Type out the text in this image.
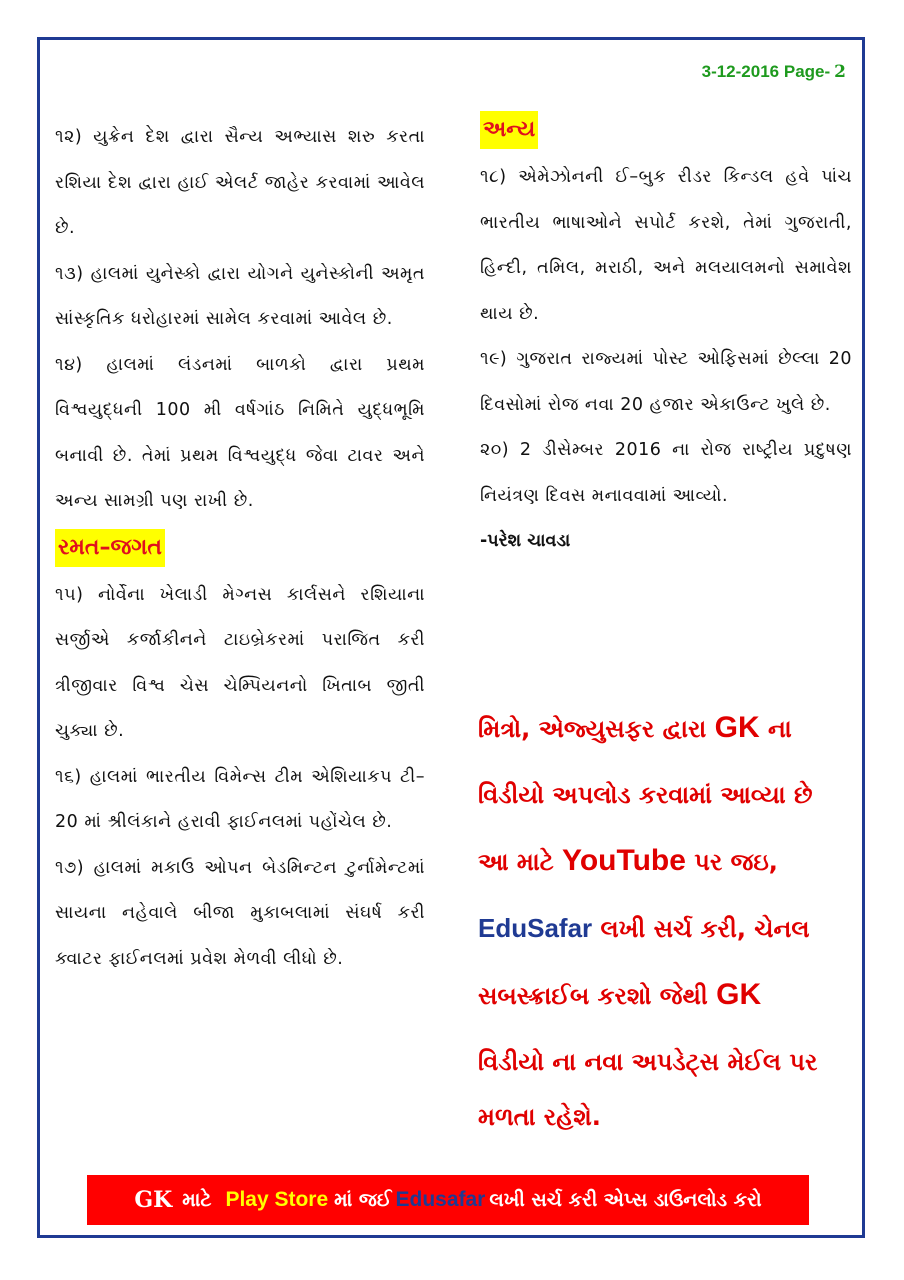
3-12-2016 Page- 2

૧૨) યુક્રેન દેશ દ્વારા સૈન્ય અભ્યાસ શરુ કરતા રશિયા દેશ દ્વારા હાઈ એલર્ટ જાહેર કરવામાં આવેલ છે.

૧૩) હાલમાં યુનેસ્કો દ્વારા યોગને યુનેસ્કોની અમૃત સાંસ્કૃતિક ધરોહારમાં સામેલ કરવામાં આવેલ છે.

૧૪) હાલમાં લંડનમાં બાળકો દ્વારા પ્રથમ વિશ્વયુદ્ધની 100 મી વર્ષગાંઠ નિમિતે યુદ્ધભૂમિ બનાવી છે. તેમાં પ્રથમ વિશ્વયુદ્ધ જેવા ટાવર અને અન્ય સામગ્રી પણ રાખી છે.

રમત–જગત

૧૫) નોર્વેના ખેલાડી મેગ્નસ કાર્લસને રશિયાના સર્જીએ કર્જાકીનને ટાઇબ્રેકરમાં પરાજિત કરી ત્રીજીવાર વિશ્વ ચેસ ચેમ્પિયનનો ખિતાબ જીતી ચુક્યા છે.

૧૬) હાલમાં ભારતીય વિમેન્સ ટીમ એશિયાકપ ટી–20 માં શ્રીલંકાને હરાવી ફાઈનલમાં પહોંચેલ છે.

૧૭) હાલમાં મકાઉ ઓપન બેડમિન્ટન ટુર્નામેન્ટમાં સાયના નહેવાલે બીજા મુકાબલામાં સંઘર્ષ કરી ક્વાટર ફાઈનલમાં પ્રવેશ મેળવી લીધો છે.

અન્ય

૧૮) એમેઝોનની ઈ–બુક રીડર કિન્ડલ હવે પાંચ ભારતીય ભાષાઓને સપોર્ટ કરશે, તેમાં ગુજરાતી, હિન્દી, તમિલ, મરાઠી, અને મલયાલમનો સમાવેશ થાય છે.

૧૯) ગુજરાત રાજ્યમાં પોસ્ટ ઓફિસમાં છેલ્લા 20 દિવસોમાં રોજ નવા 20 હજાર એકાઉન્ટ ખુલે છે.

૨૦) 2 ડીસેમ્બર 2016 ના રોજ રાષ્ટ્રીય પ્રદુષણ નિયંત્રણ દિવસ મનાવવામાં આવ્યો.

-પરેશ ચાવડા

મિત્રો, એજ્યુસફર દ્વારા GK ના
વિડીયો અપલોડ કરવામાં આવ્યા છે
આ માટે YouTube પર જઇ,
EduSafar લખી સર્ચ કરી, ચેનલ
સબસ્ક્રાઈબ કરશો જેથી GK
વિડીયો ના નવા અપડેટ્સ મેઈલ પર
મળતા રહેશે.
GK માટે Play Store માં જઈ Edusafar લખી સર્ચ કરી એપ્સ ડાઉનલોડ કરો
